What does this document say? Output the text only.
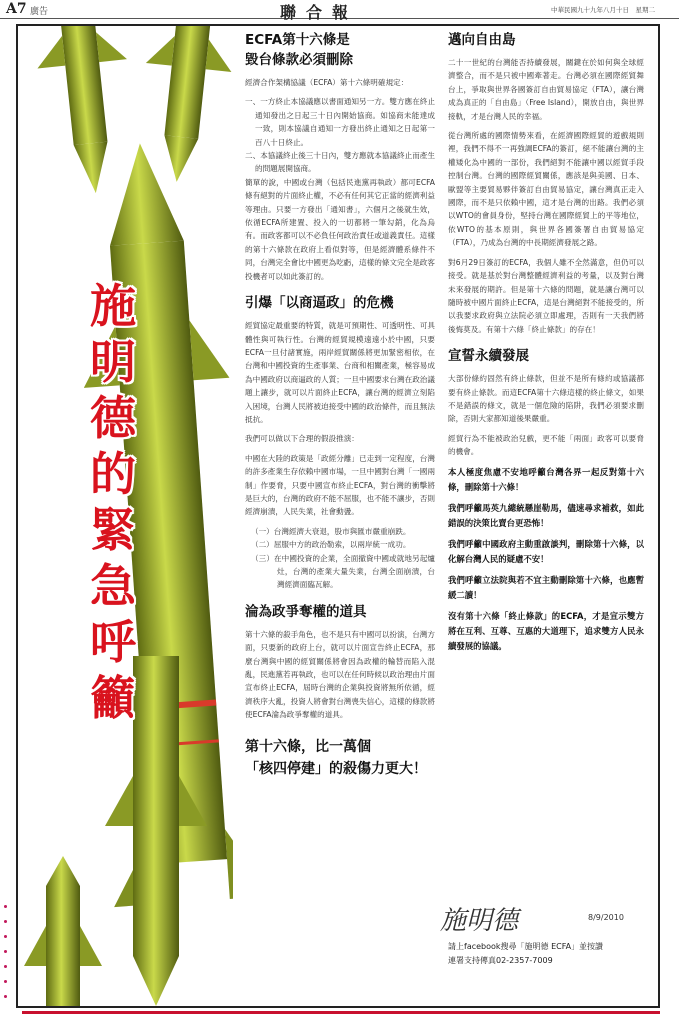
A7 廣告	聯合報	中華民國九十九年八月十日　星期二
施
明
德
的
緊
急
呼
籲
ECFA第十六條是
毀台條款必須刪除

經濟合作架構協議（ECFA）第十六條明確規定：

一、一方終止本協議應以書面通知另一方。雙方應在終止通知發出之日起三十日內開始協商。如協商未能達成一致，則本協議自通知一方發出終止通知之日起第一百八十日終止。

二、本協議終止後三十日內，雙方應就本協議終止而產生的問題展開協商。

簡單的說，中國或台灣（包括民進黨再執政）都可ECFA條有絕對的片面終止權，不必有任何其它正當的經濟利益等理由。只要一方發出「通知書」，六個月之後就生效，依循ECFA所建置、投入的一切都將一筆勾銷，化為烏有。而政客都可以不必負任何政治責任或道義責任。這樣的第十六條款在政府上看似對等，但是經濟體系條件不同，台灣完全會比中國更為吃虧，這樣的條文完全是政客投機者可以如此簽訂的。

引爆「以商逼政」的危機

經貿協定最重要的特質，就是可預期性、可透明性、可具體性與可執行性。台灣的經貿規模遠遠小於中國，只要ECFA一旦付諸實施，兩岸經貿關係將更加緊密相依，在台灣和中國投資的生產事業、台商和相關產業，極容易成為中國政府以商逼政的人質；一旦中國要求台灣在政治議題上讓步，就可以片面終止ECFA，讓台灣的經濟立刻陷入困境，台灣人民將被迫接受中國的政治條件，而且無法抵抗。

我們可以做以下合理的假設推演：

中國在大陸的政策是「政經分離」已走到一定程度，台灣的許多產業生存依賴中國市場，一旦中國對台灣「一國兩制」作要脅，只要中國宣布終止ECFA，對台灣的衝擊將是巨大的，台灣的政府不能不屈服，也不能不讓步，否則經濟崩潰，人民失業，社會動盪。

（一）台灣經濟大衰退，股市與匯市嚴重崩跌。

（二）屈服中方的政治勒索，以兩岸統一成功。

（三）在中國投資的企業，全面撤資中國或就地另起爐灶，台灣的產業大量失業，台灣全面崩潰，台灣經濟面臨瓦解。

淪為政爭奪權的道具

第十六條的殺手角色，也不是只有中國可以扮演，台灣方面，只要新的政府上台，就可以片面宣告終止ECFA，那麼台灣與中國的經貿關係將會因為政權的輪替而陷入混亂，民進黨若再執政，也可以在任何時候以政治理由片面宣布終止ECFA，屆時台灣的企業與投資將無所依循，經濟秩序大亂，投資人將會對台灣喪失信心，這樣的條款將使ECFA淪為政爭奪權的道具。

第十六條，比一萬個
「核四停建」的殺傷力更大！
邁向自由島

二十一世紀的台灣能否持續發展，關鍵在於如何與全球經濟整合，而不是只被中國牽著走。台灣必須在國際經貿舞台上，爭取與世界各國簽訂自由貿易協定（FTA），讓台灣成為真正的「自由島」（Free Island），開放自由，與世界接軌，才是台灣人民的幸福。

從台灣所處的國際情勢來看，在經濟國際經貿的遊戲規則裡，我們不得不一再強調ECFA的簽訂，絕不能讓台灣的主權矮化為中國的一部份，我們絕對不能讓中國以經貿手段控制台灣。台灣的國際經貿關係，應該是與美國、日本、歐盟等主要貿易夥伴簽訂自由貿易協定，讓台灣真正走入國際，而不是只依賴中國，這才是台灣的出路。我們必須以WTO的會員身份，堅持台灣在國際經貿上的平等地位，依WTO的基本原則，與世界各國簽署自由貿易協定（FTA），乃成為台灣的中長期經濟發展之路。

對6月29日簽訂的ECFA，我個人雖不全然滿意，但仍可以接受。就是基於對台灣整體經濟利益的考量，以及對台灣未來發展的期許。但是第十六條的問題，就是讓台灣可以隨時被中國片面終止ECFA，這是台灣絕對不能接受的，所以我要求政府與立法院必須立即處理，否則有一天我們將後悔莫及。有第十六條「終止條款」的存在！

宣誓永續發展

大部份條約固然有終止條款，但並不是所有條約或協議都要有終止條款。而這ECFA第十六條這樣的終止條文，如果不是錯誤的條文，就是一個危險的陷阱，我們必須要求刪除，否則大家都知道後果嚴重。

經貿行為不能被政治兒戲，更不能「兩面」政客可以要脅的機會。

本人極度焦慮不安地呼籲台灣各界一起反對第十六條，刪除第十六條！

我們呼籲馬英九總統懸崖勒馬，儘速尋求補救，如此錯誤的決策比賣台更恐怖！

我們呼籲中國政府主動重啟談判，刪除第十六條，以化解台灣人民的疑慮不安！

我們呼籲立法院與若不宜主動刪除第十六條，也應暫緩二讀！

沒有第十六條「終止條款」的ECFA，才是宣示雙方將在互利、互尊、互惠的大道理下，追求雙方人民永續發展的協議。

施明德	8/9/2010
請上facebook搜尋「施明德 ECFA」並按讚
連署支持傳真02-2357-7009
